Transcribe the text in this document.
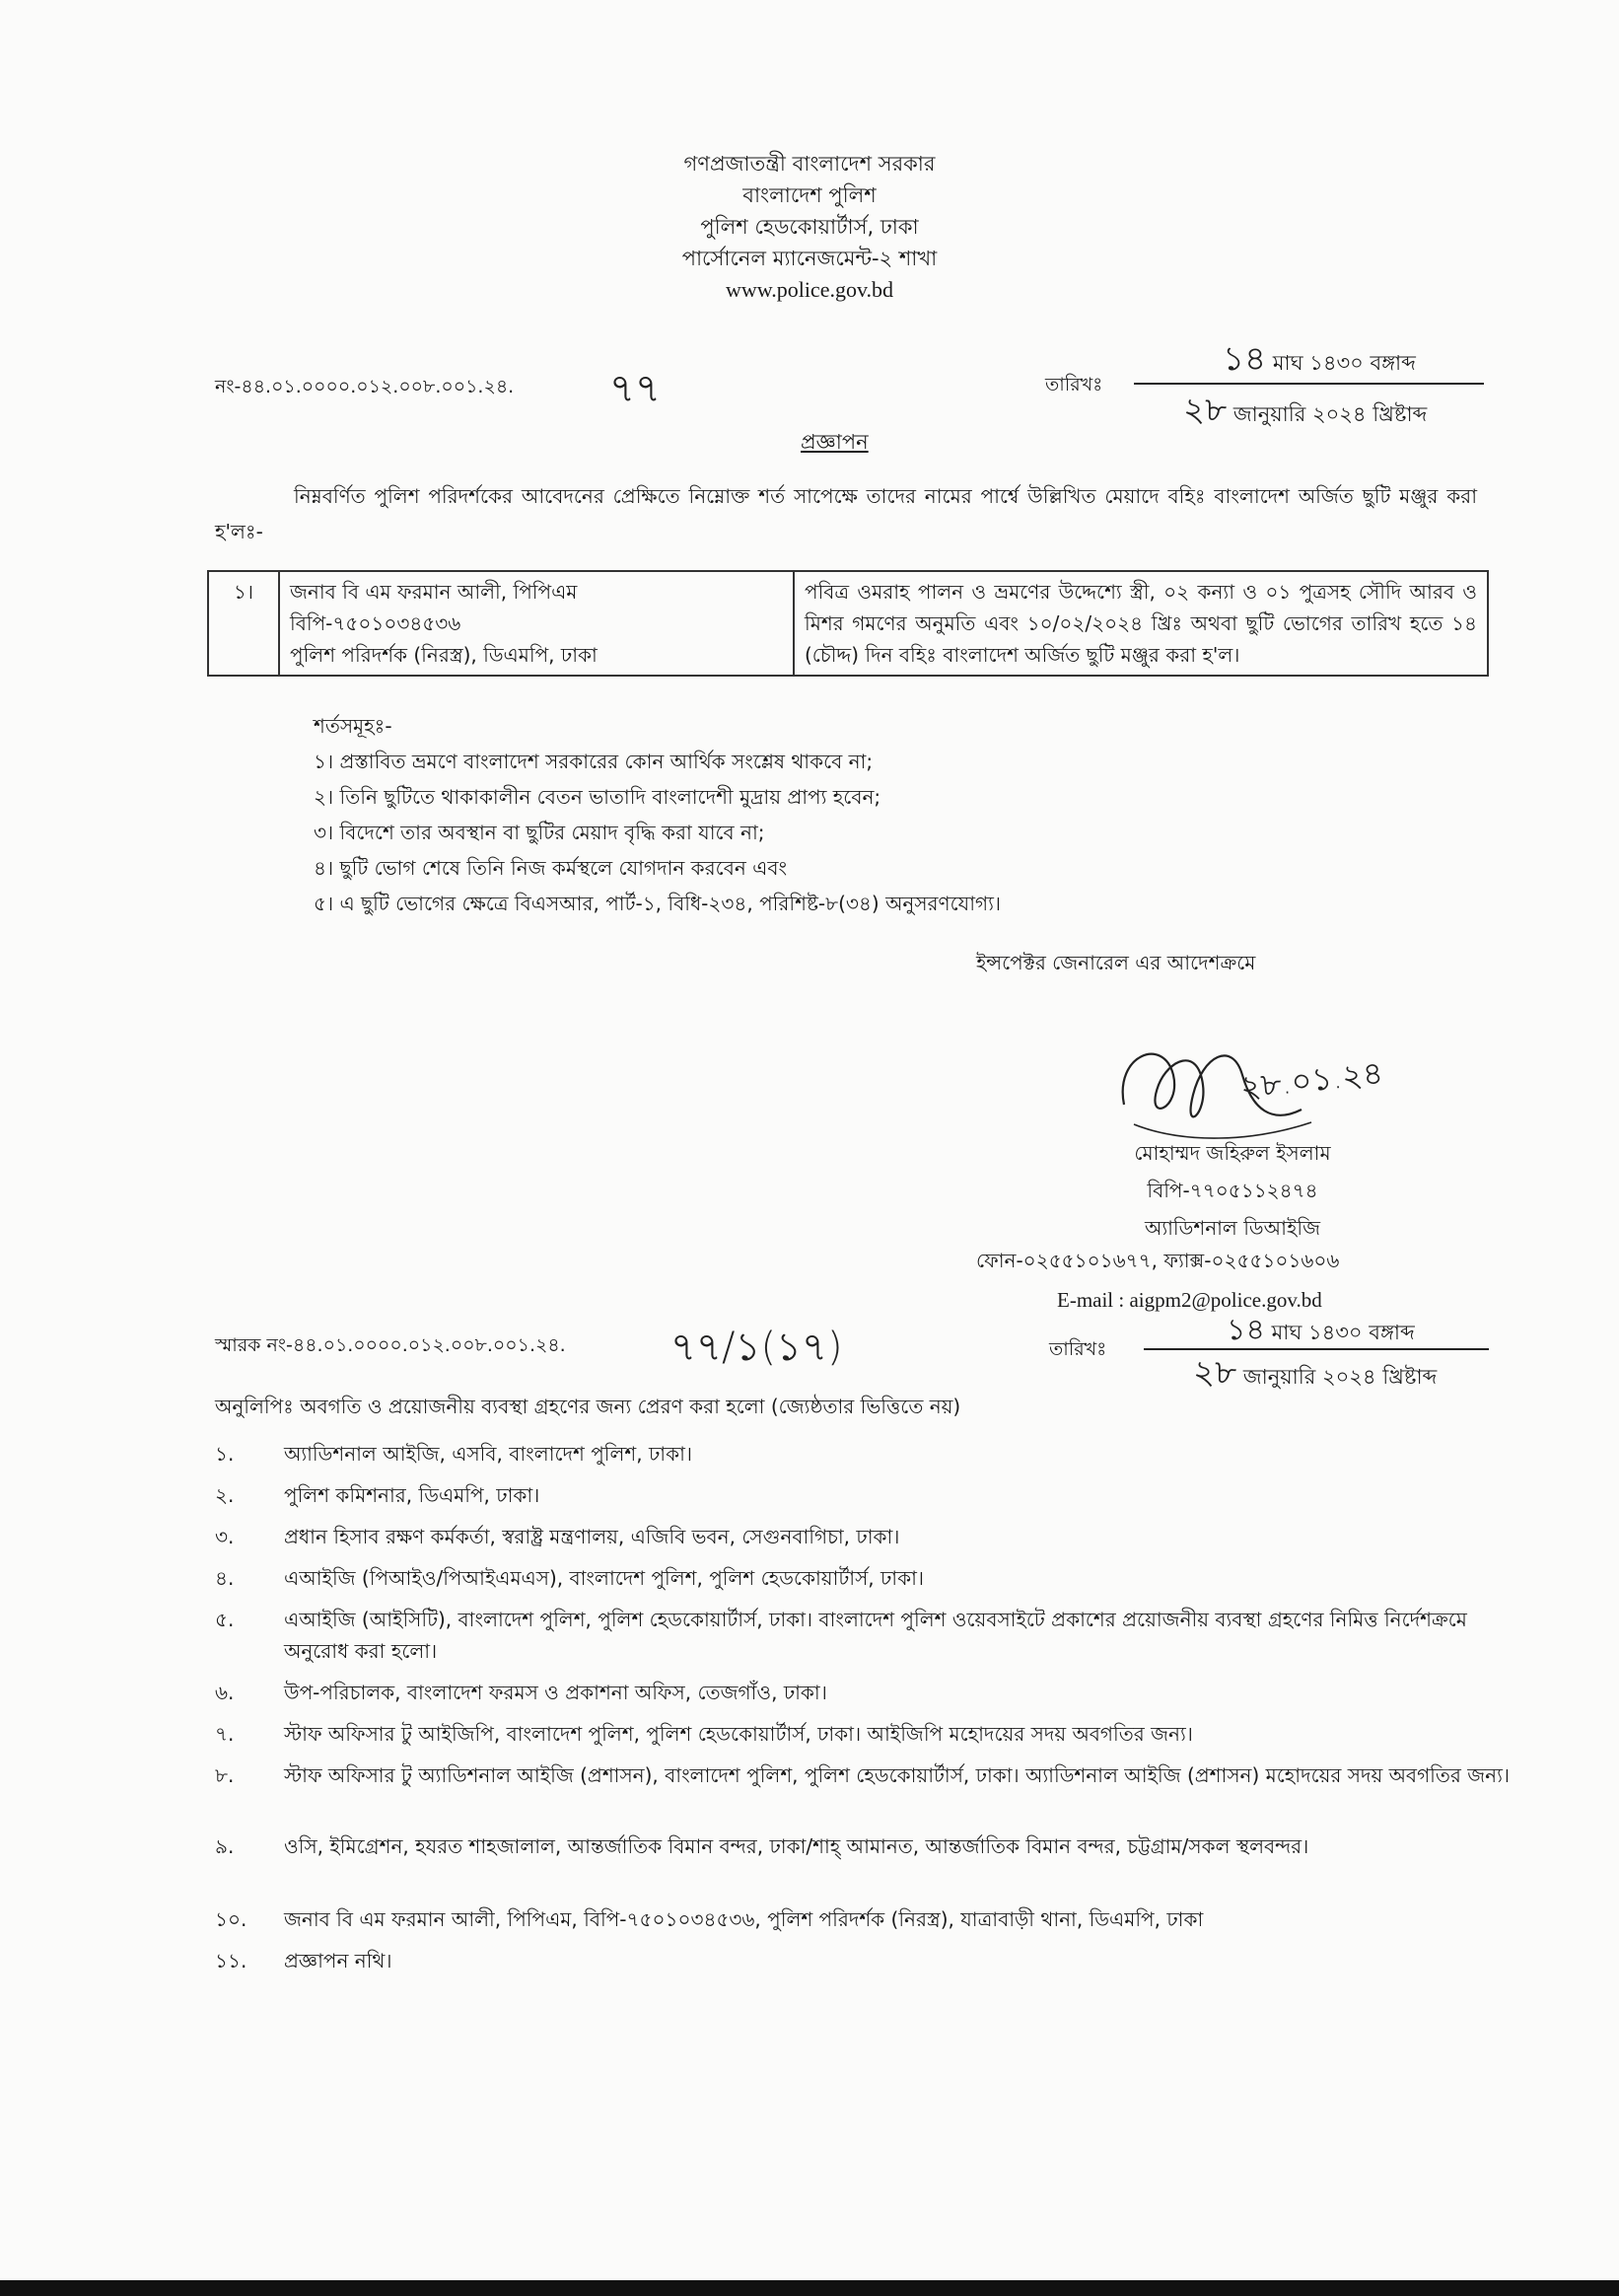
গণপ্রজাতন্ত্রী বাংলাদেশ সরকার
বাংলাদেশ পুলিশ
পুলিশ হেডকোয়ার্টার্স, ঢাকা
পার্সোনেল ম্যানেজমেন্ট-২ শাখা
www.police.gov.bd
নং-৪৪.০১.০০০০.০১২.০০৮.০০১.২৪. ৭৭	তারিখঃ
১৪ মাঘ ১৪৩০ বঙ্গাব্দ
২৮ জানুয়ারি ২০২৪ খ্রিষ্টাব্দ
প্রজ্ঞাপন
নিম্নবর্ণিত পুলিশ পরিদর্শকের আবেদনের প্রেক্ষিতে নিম্নোক্ত শর্ত সাপেক্ষে তাদের নামের পার্শ্বে উল্লিখিত মেয়াদে বহিঃ বাংলাদেশ অর্জিত ছুটি মঞ্জুর করা হ'লঃ-
১।	জনাব বি এম ফরমান আলী, পিপিএম
বিপি-৭৫০১০৩৪৫৩৬
পুলিশ পরিদর্শক (নিরস্ত্র), ডিএমপি, ঢাকা
	পবিত্র ওমরাহ পালন ও ভ্রমণের উদ্দেশ্যে স্ত্রী, ০২ কন্যা ও ০১ পুত্রসহ সৌদি আরব ও মিশর গমণের অনুমতি এবং ১০/০২/২০২৪ খ্রিঃ অথবা ছুটি ভোগের তারিখ হতে ১৪ (চৌদ্দ) দিন বহিঃ বাংলাদেশ অর্জিত ছুটি মঞ্জুর করা হ'ল।
শর্তসমূহঃ-
১। প্রস্তাবিত ভ্রমণে বাংলাদেশ সরকারের কোন আর্থিক সংশ্লেষ থাকবে না;
২। তিনি ছুটিতে থাকাকালীন বেতন ভাতাদি বাংলাদেশী মুদ্রায় প্রাপ্য হবেন;
৩। বিদেশে তার অবস্থান বা ছুটির মেয়াদ বৃদ্ধি করা যাবে না;
৪। ছুটি ভোগ শেষে তিনি নিজ কর্মস্থলে যোগদান করবেন এবং
৫। এ ছুটি ভোগের ক্ষেত্রে বিএসআর, পার্ট-১, বিধি-২৩৪, পরিশিষ্ট-৮(৩৪) অনুসরণযোগ্য।
ইন্সপেক্টর জেনারেল এর আদেশক্রমে
২৮.০১.২৪
মোহাম্মদ জহিরুল ইসলাম
বিপি-৭৭০৫১১২৪৭৪
অ্যাডিশনাল ডিআইজি
ফোন-০২৫৫১০১৬৭৭, ফ্যাক্স-০২৫৫১০১৬০৬
E-mail : aigpm2@police.gov.bd
স্মারক নং-৪৪.০১.০০০০.০১২.০০৮.০০১.২৪.	৭৭/১(১৭)	তারিখঃ
১৪ মাঘ ১৪৩০ বঙ্গাব্দ
২৮ জানুয়ারি ২০২৪ খ্রিষ্টাব্দ
অনুলিপিঃ অবগতি ও প্রয়োজনীয় ব্যবস্থা গ্রহণের জন্য প্রেরণ করা হলো (জ্যেষ্ঠতার ভিত্তিতে নয়)
১.	অ্যাডিশনাল আইজি, এসবি, বাংলাদেশ পুলিশ, ঢাকা।
২.	পুলিশ কমিশনার, ডিএমপি, ঢাকা।
৩.	প্রধান হিসাব রক্ষণ কর্মকর্তা, স্বরাষ্ট্র মন্ত্রণালয়, এজিবি ভবন, সেগুনবাগিচা, ঢাকা।
৪.	এআইজি (পিআইও/পিআইএমএস), বাংলাদেশ পুলিশ, পুলিশ হেডকোয়ার্টার্স, ঢাকা।
৫.	এআইজি (আইসিটি), বাংলাদেশ পুলিশ, পুলিশ হেডকোয়ার্টার্স, ঢাকা। বাংলাদেশ পুলিশ ওয়েবসাইটে প্রকাশের প্রয়োজনীয় ব্যবস্থা গ্রহণের নিমিত্ত নির্দেশক্রমে অনুরোধ করা হলো।
৬.	উপ-পরিচালক, বাংলাদেশ ফরমস ও প্রকাশনা অফিস, তেজগাঁও, ঢাকা।
৭.	স্টাফ অফিসার টু আইজিপি, বাংলাদেশ পুলিশ, পুলিশ হেডকোয়ার্টার্স, ঢাকা। আইজিপি মহোদয়ের সদয় অবগতির জন্য।
৮.	স্টাফ অফিসার টু অ্যাডিশনাল আইজি (প্রশাসন), বাংলাদেশ পুলিশ, পুলিশ হেডকোয়ার্টার্স, ঢাকা। অ্যাডিশনাল আইজি (প্রশাসন) মহোদয়ের সদয় অবগতির জন্য।
৯.	ওসি, ইমিগ্রেশন, হযরত শাহজালাল, আন্তর্জাতিক বিমান বন্দর, ঢাকা/শাহ্ আমানত, আন্তর্জাতিক বিমান বন্দর, চট্টগ্রাম/সকল স্থলবন্দর।
১০.	জনাব বি এম ফরমান আলী, পিপিএম, বিপি-৭৫০১০৩৪৫৩৬, পুলিশ পরিদর্শক (নিরস্ত্র), যাত্রাবাড়ী থানা, ডিএমপি, ঢাকা
১১.	প্রজ্ঞাপন নথি।
